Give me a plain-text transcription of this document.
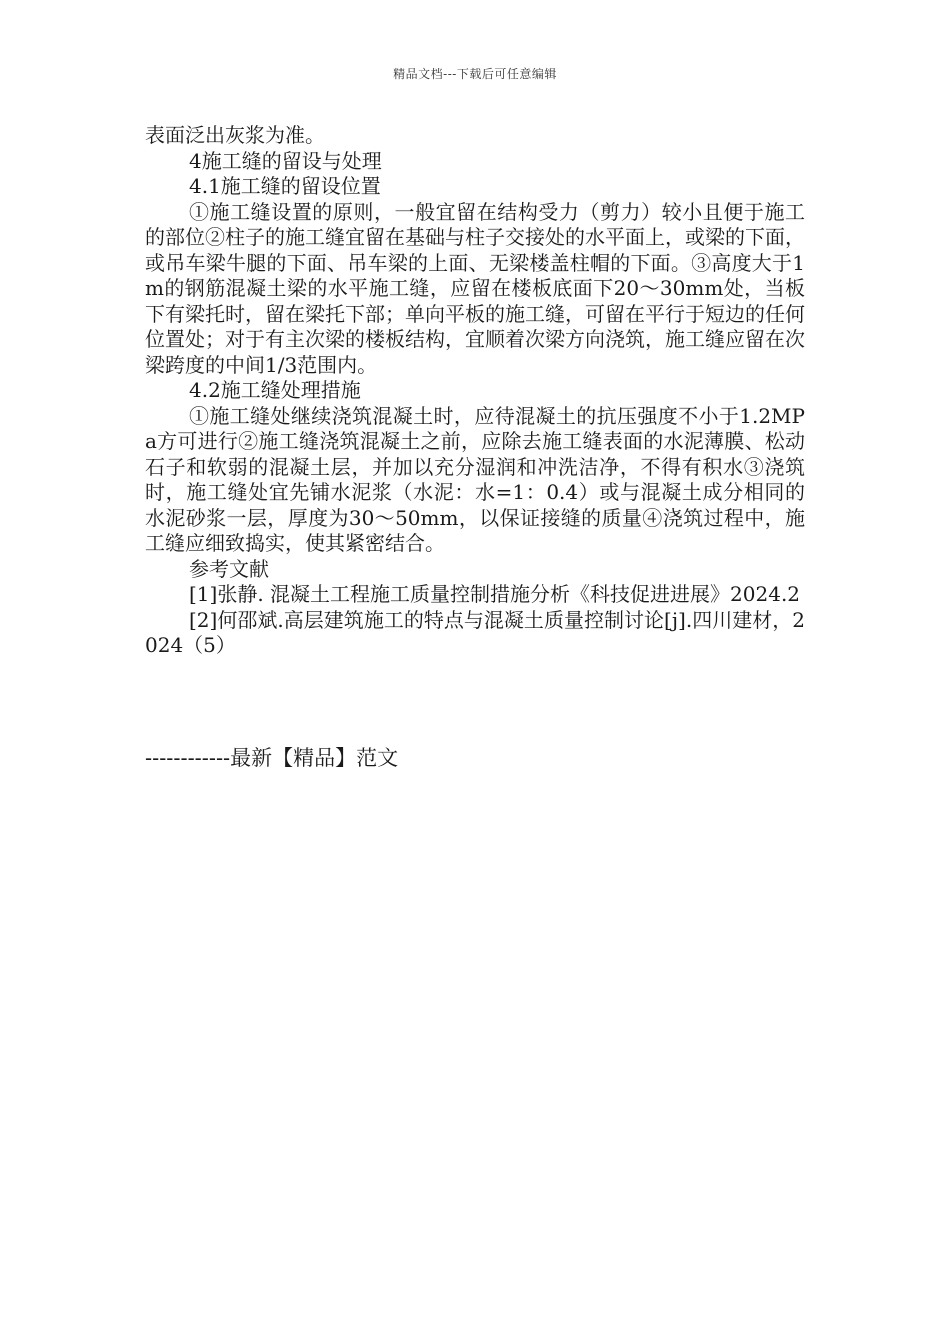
精品文档---下载后可任意编辑

表面泛出灰浆为准。

4施工缝的留设与处理

4.1施工缝的留设位置

①施工缝设置的原则，一般宜留在结构受力（剪力）较小且便于施工的部位②柱子的施工缝宜留在基础与柱子交接处的水平面上，或梁的下面，或吊车梁牛腿的下面、吊车梁的上面、无梁楼盖柱帽的下面。③高度大于1m的钢筋混凝土梁的水平施工缝，应留在楼板底面下20～30mm处，当板下有梁托时，留在梁托下部；单向平板的施工缝，可留在平行于短边的任何位置处；对于有主次梁的楼板结构，宜顺着次梁方向浇筑，施工缝应留在次梁跨度的中间1/3范围内。

4.2施工缝处理措施

①施工缝处继续浇筑混凝土时，应待混凝土的抗压强度不小于1.2MPa方可进行②施工缝浇筑混凝土之前，应除去施工缝表面的水泥薄膜、松动石子和软弱的混凝土层，并加以充分湿润和冲洗洁净，不得有积水③浇筑时，施工缝处宜先铺水泥浆（水泥：水=1：0.4）或与混凝土成分相同的水泥砂浆一层，厚度为30～50mm，以保证接缝的质量④浇筑过程中，施工缝应细致捣实，使其紧密结合。

参考文献

[1]张静. 混凝土工程施工质量控制措施分析《科技促进进展》2024.2

[2]何邵斌.高层建筑施工的特点与混凝土质量控制讨论[j].四川建材，2024（5）

------------最新【精品】范文
